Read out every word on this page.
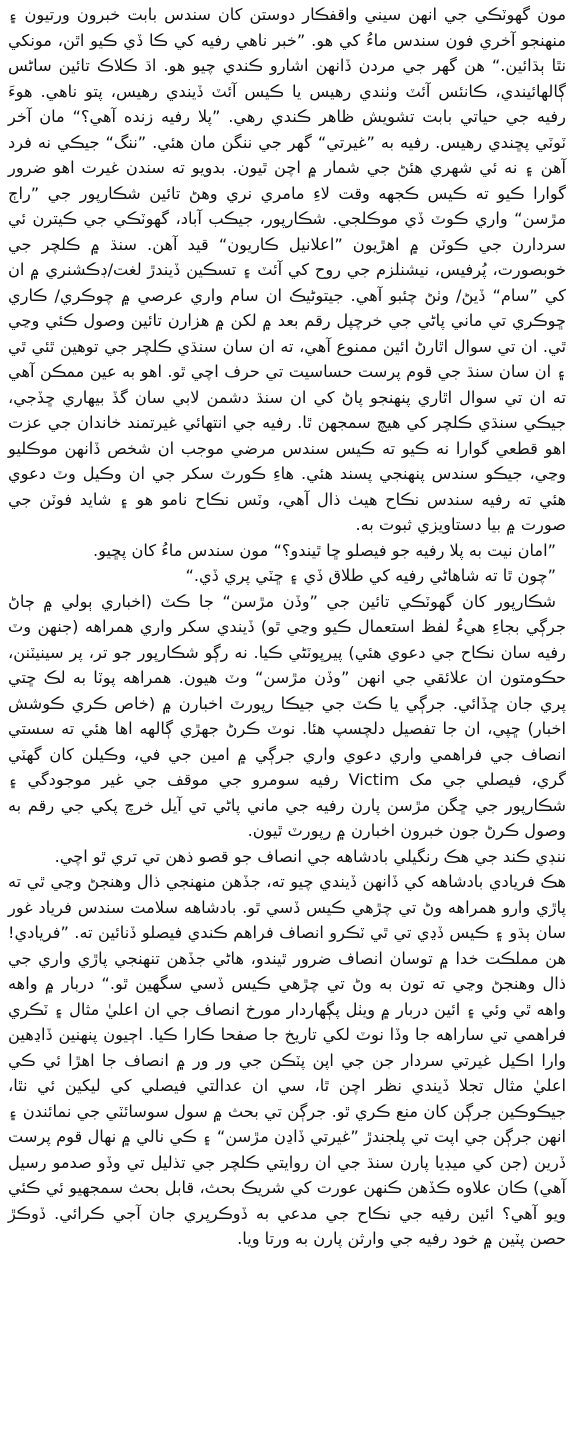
مون گهوٽڪي جي انهن سيني واقفڪار دوستن کان سندس بابت خبرون ورتيون ۽ منهنجو آخري فون سندس ماءُ کي هو. ”خبر ناهي رفيه کي ڪا ڏي ڪيو اٿن، مونکي نٿا ٻڌائين.“ هن گهر جي مردن ڏانهن اشارو ڪندي چيو هو. اڌ ڪلاڪ تائين ساڻس ڳالهائيندي، ڪانئس آئٽ وٺندي رهيس يا ڪيس آئٽ ڏيندي رهيس، پتو ناهي. هوءَ رفيه جي حياتي بابت تشويش ظاهر ڪندي رهي. ”پلا رفيه زنده آهي؟“ مان آخر ٽوٽي پڇندي رهيس. رفيه به ”غيرتي“ گهر جي ننگن مان هئي. ”ننگ“ جيڪي نه فرد آهن ۽ نه ئي شهري هئڻ جي شمار ۾ اچن ٿيون. بدويو ته سندن غيرت اهو ضرور گوارا ڪيو ته ڪيس ڪجهه وقت لاءِ مامري نري وهڻ تائين شڪارپور جي ”راڄ مڙسن“ واري ڪوٽ ڏي موڪلجي. شڪارپور، جيڪب آباد، گهوٽڪي جي ڪيترن ئي سردارن جي ڪوٽن ۾ اهڙيون ”اعلانيل ڪاريون“ قيد آهن. سنڌ ۾ ڪلچر جي خوبصورت، پُرفيس، نيشنلزم جي روح کي آئٽ ۽ تسڪين ڏيندڙ لغت/ڊڪشنري ۾ ان کي ”سام“ ڏيڻ/ وٺڻ چئبو آهي. جيتوڻيڪ ان سام واري عرصي ۾ چوڪري/ ڪاري ڇوڪري تي ماني پاڻي جي خرچپل رقم بعد ۾ لکن ۾ هزارن تائين وصول ڪئي وڃي ٿي. ان تي سوال اٿارڻ ائين ممنوع آهي، ته ان سان سنڌي ڪلچر جي توهين ٿئي ٿي ۽ ان سان سنڌ جي قوم پرست حساسيت تي حرف اچي ٿو. اهو به عين ممڪن آهي ته ان تي سوال اٿاري پنهنجو پاڻ کي ان سنڌ دشمن لابي سان گڏ بيهاري ڇڏجي، جيڪي سنڌي ڪلچر کي هيچ سمجهن ٿا. رفيه جي انتهائي غيرتمند خاندان جي عزت اهو قطعي گوارا نه ڪيو ته ڪيس سندس مرضي موجب ان شخص ڏانهن موڪليو وڃي، جيڪو سندس پنهنجي پسند هئي. هاءِ ڪورٽ سکر جي ان وڪيل وٽ دعوي هئي ته رفيه سندس نڪاح هيٺ ذال آهي، وٽس نڪاح نامو هو ۽ شايد فوٽن جي صورت ۾ بيا دستاويزي ثبوت به.

”امان نيت به پلا رفيه جو فيصلو ڇا ٿيندو؟“ مون سندس ماءُ کان پڇيو.

”چون ٿا ته شاهاڻي رفيه کي طلاق ڏي ۽ ڇٽي پري ڏي.“

شڪارپور کان گهوٽڪي تائين جي ”وڏن مڙسن“ جا ڪٽ (اخباري ٻولي ۾ ڄاڻ جرڳي بجاءِ هيءُ لفظ استعمال ڪيو وڃي ٿو) ڏيندي سکر واري همراهه (جنهن وٽ رفيه سان نڪاح جي دعوي هئي) پيرپوٽڻي ڪيا. نه رڳو شڪارپور جو تر، پر سينيٽنن، حڪومتون ان علائقي جي انهن ”وڏن مڙسن“ وٽ هيون. همراهه پوٽا به لڪ ڇتي پري جان ڇڏائي. جرڳي يا ڪٽ جي جيڪا رپورٽ اخبارن ۾ (خاص ڪري ڪوشش اخبار) ڇپي، ان جا تفصيل دلچسپ هئا. نوٽ ڪرڻ جهڙي ڳالهه اها هئي ته سستي انصاف جي فراهمي واري دعوي واري جرڳي ۾ امين جي في، وڪيلن کان گهٽي گري، فيصلي جي مک Victim رفيه سومرو جي موقف جي غير موجودگي ۽ شڪارپور جي ڇگن مڙسن پارن رفيه جي ماني پاڻي تي آيل خرچ پکي جي رقم به وصول ڪرڻ جون خبرون اخبارن ۾ رپورٽ ٿيون.

ننڊي ڪند جي هڪ رنگيلي بادشاهه جي انصاف جو قصو ذهن تي تري ٿو اچي.

هڪ فريادي بادشاهه کي ڏانهن ڏيندي چيو ته، جڏهن منهنجي ذال وهنجڻ وڃي ٿي ته پاڙي وارو همراهه وڻ تي چڙهي ڪيس ڏسي ٿو. بادشاهه سلامت سندس فرياد غور سان ٻڌو ۽ ڪيس ڏڍي تي ٿي ٽڪرو انصاف فراهم ڪندي فيصلو ڏنائين ته. ”فريادي! هن مملڪت خدا ۾ توسان انصاف ضرور ٿيندو، هاڻي جڏهن تنهنجي پاڙي واري جي ذال وهنجڻ وڃي ته تون به وڻ تي چڙهي ڪيس ڏسي سگهين ٿو.“ دربار ۾ واهه واهه ٿي وئي ۽ ائين دربار ۾ ويٺل پڳهاردار مورخ انصاف جي ان اعليٰ مثال ۽ ٽڪري فراهمي تي ساراهه جا وڏا نوٽ لکي تاريخ جا صفحا ڪارا ڪيا. اڄيون پنهنين ڏاڍهين وارا اڪيل غيرتي سردار جن جي اپن پٽڪن جي ور ور ۾ انصاف جا اهڙا ئي ڪي اعليٰ مثال تجلا ڏيندي نظر اچن ٿا، سي ان عدالتي فيصلي کي ليکين ئي نٿا، جيڪوڪين جرڳن کان منع ڪري ٿو. جرڳن تي بحث ۾ سول سوسائٽي جي نمائندن ۽ انهن جرڳن جي اپت تي پلجندڙ ”غيرتي ڏاڍن مڙسن“ ۽ ڪي نالي ۾ نهال قوم پرست ڏرين (جن کي ميڊيا پارن سنڌ جي ان روايتي ڪلچر جي تذليل تي وڏو صدمو رسيل آهي) ڪان علاوه ڪڏهن ڪنهن عورت کي شريڪ بحث، قابل بحث سمجهيو ئي ڪئي ويو آهي؟ ائين رفيه جي نڪاح جي مدعي به ڏوڪرپري جان آجي ڪرائي. ڏوڪڙ حصن پٽين ۾ خود رفيه جي وارثن پارن به ورتا ويا.
